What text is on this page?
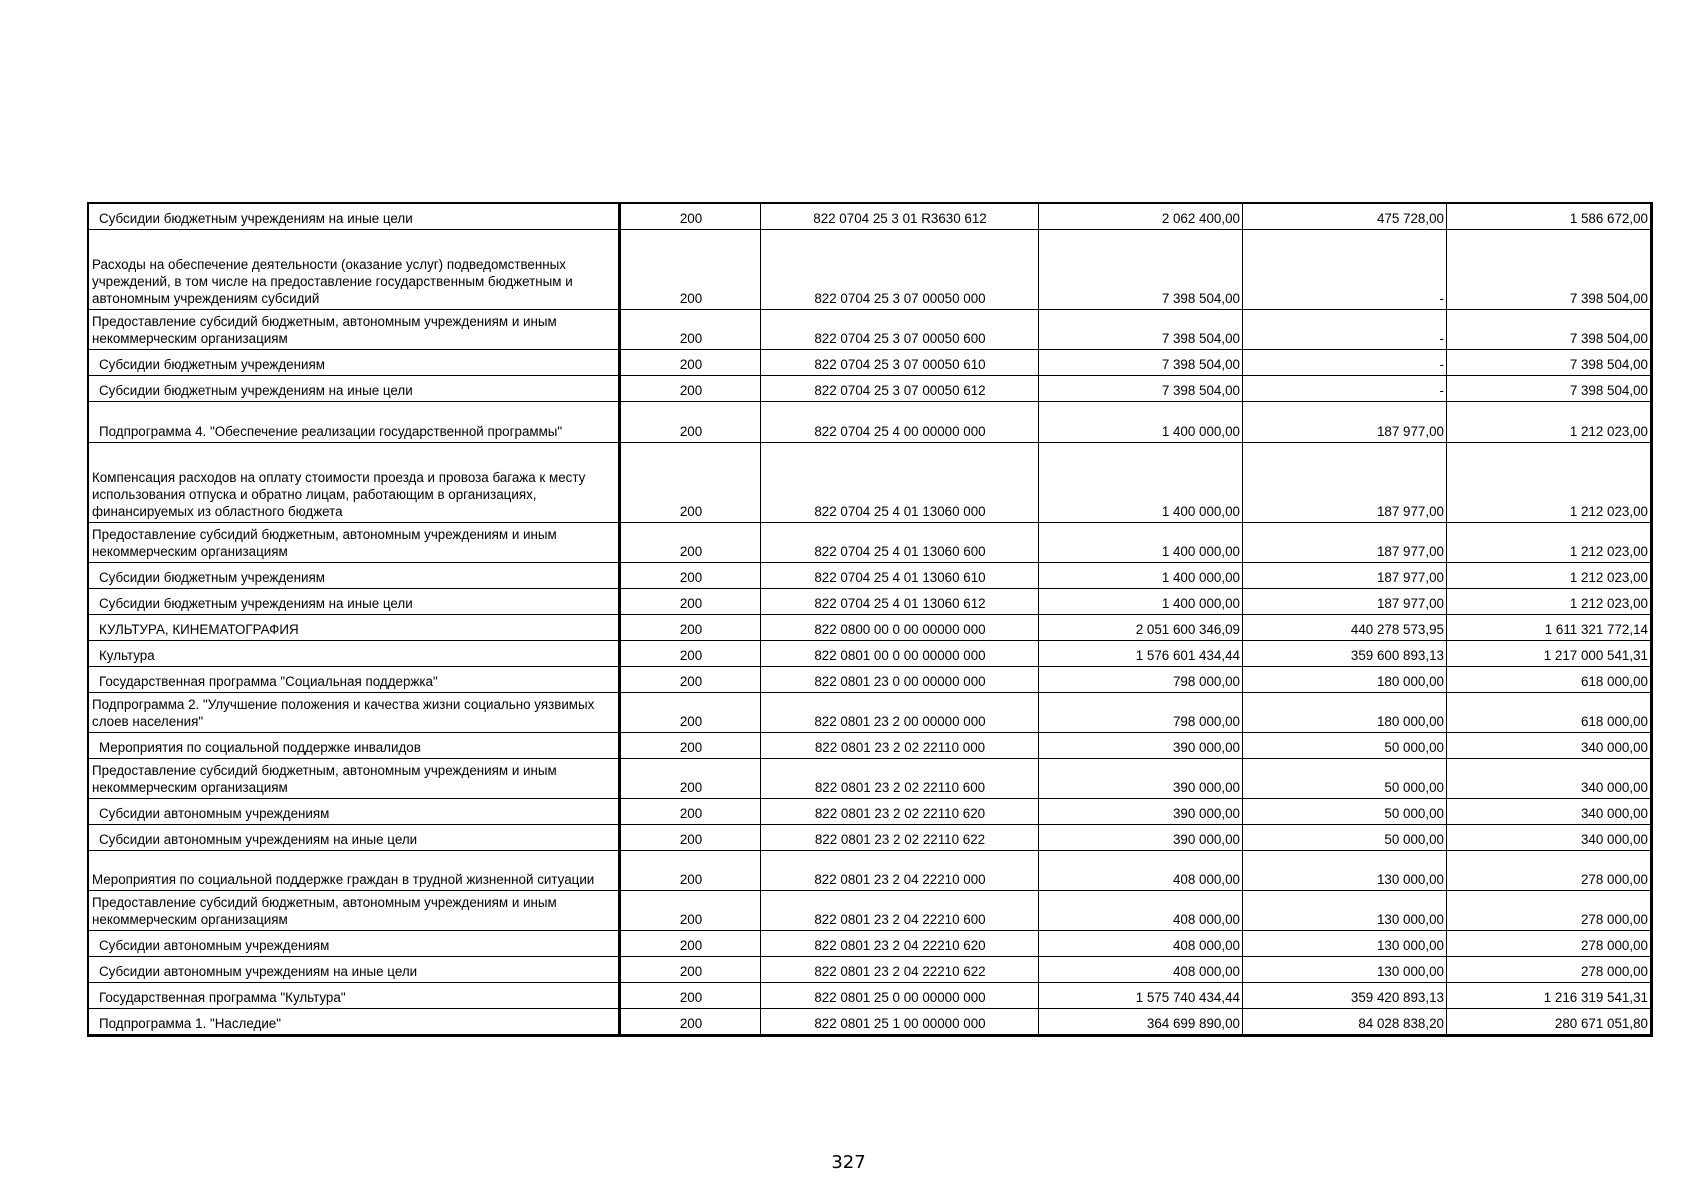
Субсидии бюджетным учреждениям на иные цели	200	822 0704 25 3 01 R3630 612	2 062 400,00	475 728,00	1 586 672,00
Расходы на обеспечение деятельности (оказание услуг) подведомственных учреждений, в том числе на предоставление государственным бюджетным и автономным учреждениям субсидий	200	822 0704 25 3 07 00050 000	7 398 504,00	-	7 398 504,00
Предоставление субсидий бюджетным, автономным учреждениям и иным некоммерческим организациям	200	822 0704 25 3 07 00050 600	7 398 504,00	-	7 398 504,00
Субсидии бюджетным учреждениям	200	822 0704 25 3 07 00050 610	7 398 504,00	-	7 398 504,00
Субсидии бюджетным учреждениям на иные цели	200	822 0704 25 3 07 00050 612	7 398 504,00	-	7 398 504,00
Подпрограмма 4. "Обеспечение реализации государственной программы"	200	822 0704 25 4 00 00000 000	1 400 000,00	187 977,00	1 212 023,00
Компенсация расходов на оплату стоимости проезда и провоза багажа к месту использования отпуска и обратно лицам, работающим в организациях, финансируемых из областного бюджета	200	822 0704 25 4 01 13060 000	1 400 000,00	187 977,00	1 212 023,00
Предоставление субсидий бюджетным, автономным учреждениям и иным некоммерческим организациям	200	822 0704 25 4 01 13060 600	1 400 000,00	187 977,00	1 212 023,00
Субсидии бюджетным учреждениям	200	822 0704 25 4 01 13060 610	1 400 000,00	187 977,00	1 212 023,00
Субсидии бюджетным учреждениям на иные цели	200	822 0704 25 4 01 13060 612	1 400 000,00	187 977,00	1 212 023,00
КУЛЬТУРА, КИНЕМАТОГРАФИЯ	200	822 0800 00 0 00 00000 000	2 051 600 346,09	440 278 573,95	1 611 321 772,14
Культура	200	822 0801 00 0 00 00000 000	1 576 601 434,44	359 600 893,13	1 217 000 541,31
Государственная программа "Социальная поддержка"	200	822 0801 23 0 00 00000 000	798 000,00	180 000,00	618 000,00
Подпрограмма 2. "Улучшение положения и качества жизни социально уязвимых слоев населения"	200	822 0801 23 2 00 00000 000	798 000,00	180 000,00	618 000,00
Мероприятия по социальной поддержке инвалидов	200	822 0801 23 2 02 22110 000	390 000,00	50 000,00	340 000,00
Предоставление субсидий бюджетным, автономным учреждениям и иным некоммерческим организациям	200	822 0801 23 2 02 22110 600	390 000,00	50 000,00	340 000,00
Субсидии автономным учреждениям	200	822 0801 23 2 02 22110 620	390 000,00	50 000,00	340 000,00
Субсидии автономным учреждениям на иные цели	200	822 0801 23 2 02 22110 622	390 000,00	50 000,00	340 000,00
Мероприятия по социальной поддержке граждан в трудной жизненной ситуации	200	822 0801 23 2 04 22210 000	408 000,00	130 000,00	278 000,00
Предоставление субсидий бюджетным, автономным учреждениям и иным некоммерческим организациям	200	822 0801 23 2 04 22210 600	408 000,00	130 000,00	278 000,00
Субсидии автономным учреждениям	200	822 0801 23 2 04 22210 620	408 000,00	130 000,00	278 000,00
Субсидии автономным учреждениям на иные цели	200	822 0801 23 2 04 22210 622	408 000,00	130 000,00	278 000,00
Государственная программа "Культура"	200	822 0801 25 0 00 00000 000	1 575 740 434,44	359 420 893,13	1 216 319 541,31
Подпрограмма 1. "Наследие"	200	822 0801 25 1 00 00000 000	364 699 890,00	84 028 838,20	280 671 051,80
327
